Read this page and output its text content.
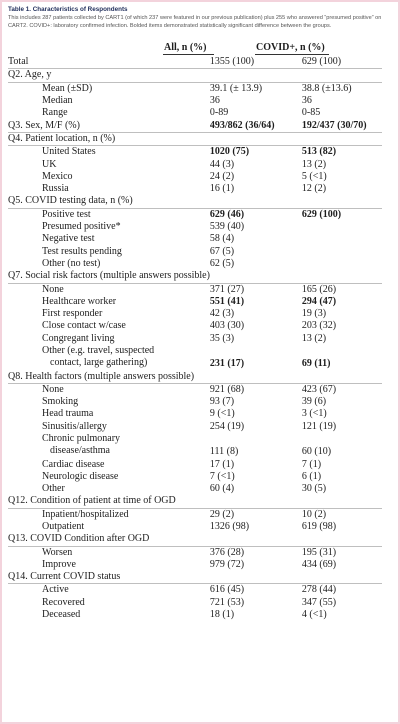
Table 1. Characteristics of Respondents

This includes 287 patients collected by CART1 (of which 237 were featured in our previous publication) plus 255 who answered “presumed positive” on CART2. COVID+: laboratory confirmed infection. Bolded items demonstrated statistically significant difference between the groups.

All, n (%)	COVID+, n (%)
Total	1355 (100)	629 (100)
Q2. Age, y		
Mean (±SD)	39.1 (± 13.9)	38.8 (±13.6)
Median	36	36
Range	0-89	0-85
Q3. Sex, M/F (%)	493/862 (36/64)	192/437 (30/70)
Q4. Patient location, n (%)		
United States	1020 (75)	513 (82)
UK	44 (3)	13 (2)
Mexico	24 (2)	5 (<1)
Russia	16 (1)	12 (2)
Q5. COVID testing data, n (%)		
Positive test	629 (46)	629 (100)
Presumed positive*	539 (40)	
Negative test	58 (4)	
Test results pending	67 (5)	
Other (no test)	62 (5)	
Q7. Social risk factors (multiple answers possible)		
None	371 (27)	165 (26)
Healthcare worker	551 (41)	294 (47)
First responder	42 (3)	19 (3)
Close contact w/case	403 (30)	203 (32)
Congregant living	35 (3)	13 (2)

Other (e.g. travel, suspected
contact, large gathering)	231 (17)	69 (11)
Q8. Health factors (multiple answers possible)		
None	921 (68)	423 (67)
Smoking	93 (7)	39 (6)
Head trauma	9 (<1)	3 (<1)
Sinusitis/allergy	254 (19)	121 (19)

Chronic pulmonary
disease/asthma	111 (8)	60 (10)
Cardiac disease	17 (1)	7 (1)
Neurologic disease	7 (<1)	6 (1)
Other	60 (4)	30 (5)
Q12. Condition of patient at time of OGD		
Inpatient/hospitalized	29 (2)	10 (2)
Outpatient	1326 (98)	619 (98)
Q13. COVID Condition after OGD		
Worsen	376 (28)	195 (31)
Improve	979 (72)	434 (69)
Q14. Current COVID status		
Active	616 (45)	278 (44)
Recovered	721 (53)	347 (55)
Deceased	18 (1)	4 (<1)
